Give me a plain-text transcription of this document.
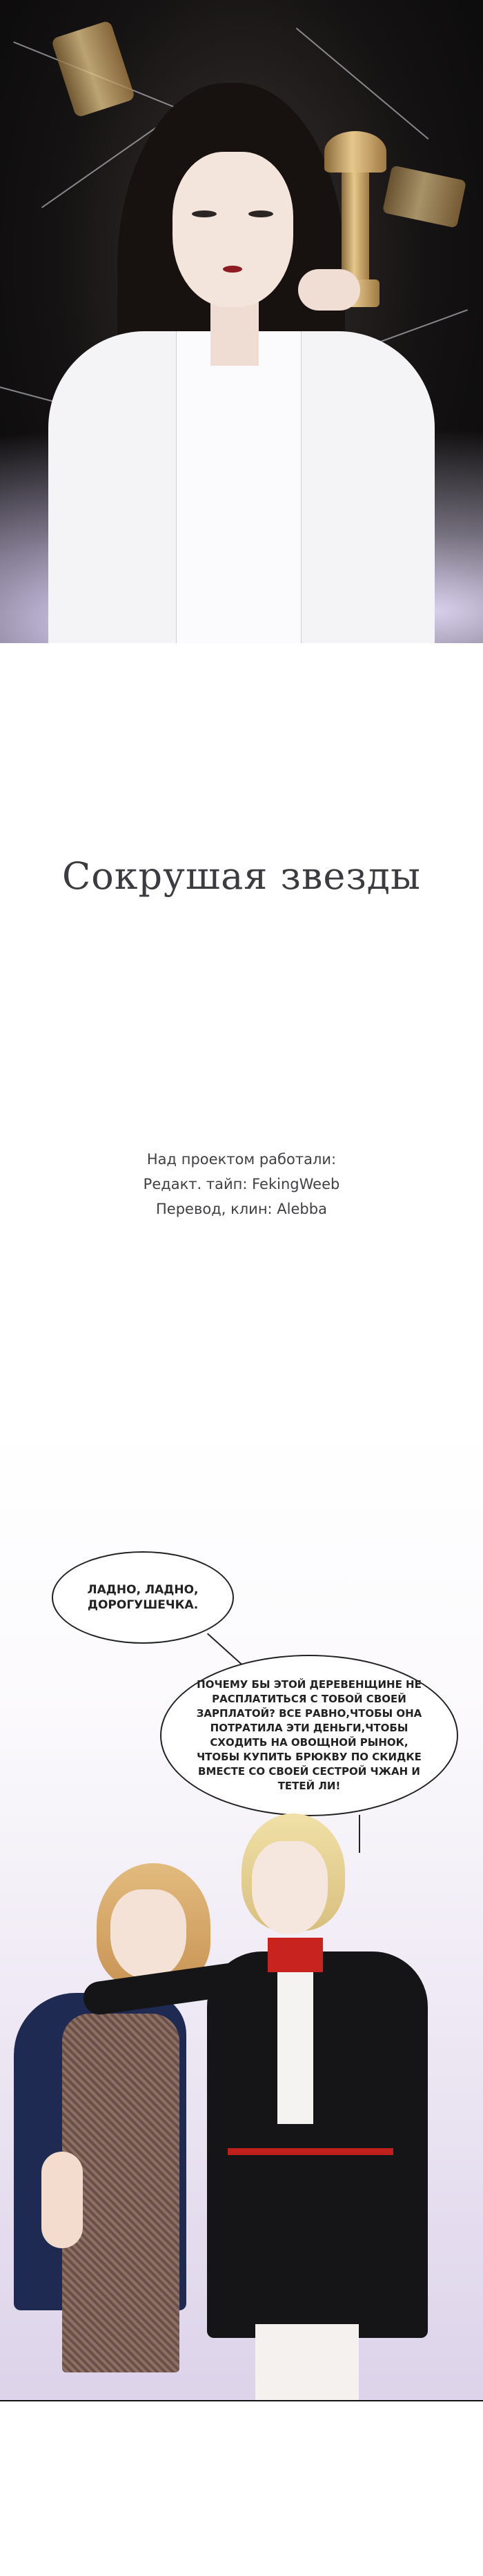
Сокрушая звезды
Над проектом работали:
Редакт. тайп: FekingWeeb
Перевод, клин: Alebba
ЛАДНО, ЛАДНО, ДОРОГУШЕЧКА.
ПОЧЕМУ БЫ ЭТОЙ ДЕРЕВЕНЩИНЕ НЕ РАСПЛАТИТЬСЯ С ТОБОЙ СВОЕЙ ЗАРПЛАТОЙ? ВСЕ РАВНО,ЧТОБЫ ОНА ПОТРАТИЛА ЭТИ ДЕНЬГИ,ЧТОБЫ СХОДИТЬ НА ОВОЩНОЙ РЫНОК, ЧТОБЫ КУПИТЬ БРЮКВУ ПО СКИДКЕ ВМЕСТЕ СО СВОЕЙ СЕСТРОЙ ЧЖАН И ТЕТЕЙ ЛИ!
